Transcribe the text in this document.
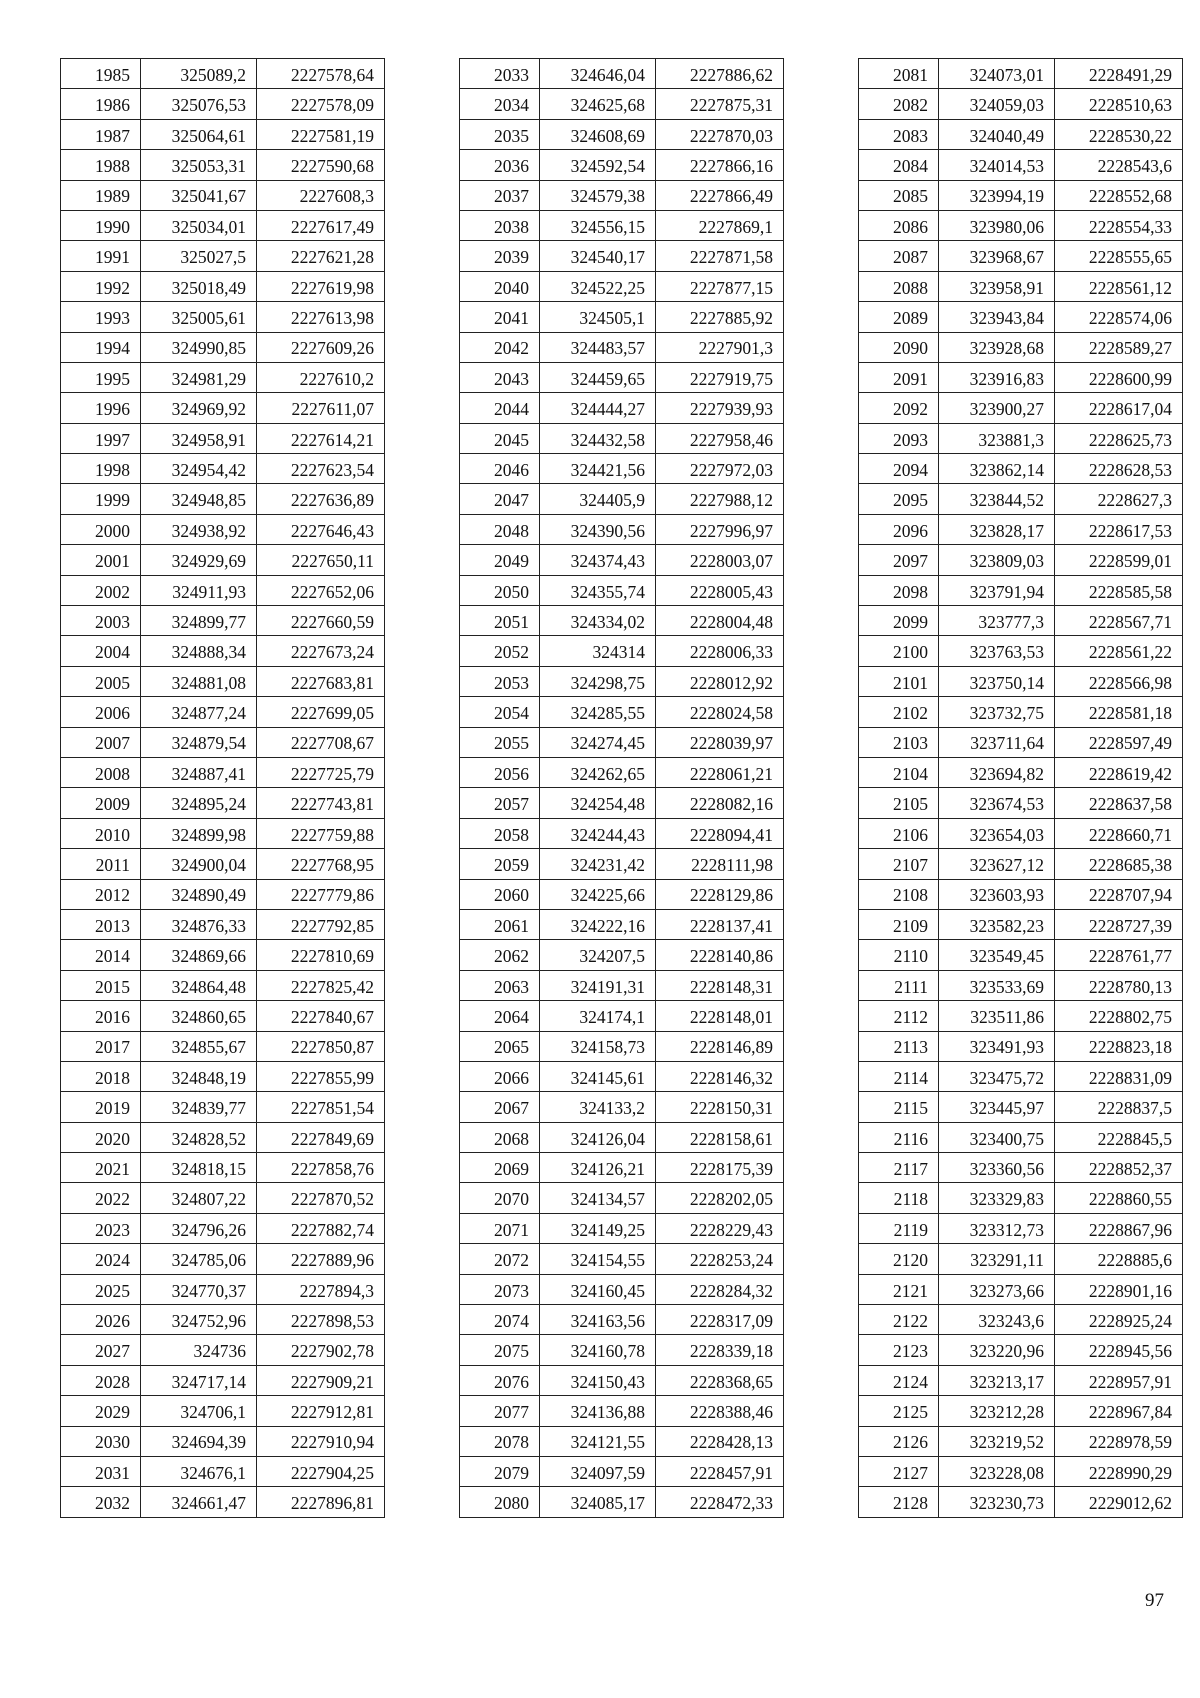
1985	325089,2	2227578,64
1986	325076,53	2227578,09
1987	325064,61	2227581,19
1988	325053,31	2227590,68
1989	325041,67	2227608,3
1990	325034,01	2227617,49
1991	325027,5	2227621,28
1992	325018,49	2227619,98
1993	325005,61	2227613,98
1994	324990,85	2227609,26
1995	324981,29	2227610,2
1996	324969,92	2227611,07
1997	324958,91	2227614,21
1998	324954,42	2227623,54
1999	324948,85	2227636,89
2000	324938,92	2227646,43
2001	324929,69	2227650,11
2002	324911,93	2227652,06
2003	324899,77	2227660,59
2004	324888,34	2227673,24
2005	324881,08	2227683,81
2006	324877,24	2227699,05
2007	324879,54	2227708,67
2008	324887,41	2227725,79
2009	324895,24	2227743,81
2010	324899,98	2227759,88
2011	324900,04	2227768,95
2012	324890,49	2227779,86
2013	324876,33	2227792,85
2014	324869,66	2227810,69
2015	324864,48	2227825,42
2016	324860,65	2227840,67
2017	324855,67	2227850,87
2018	324848,19	2227855,99
2019	324839,77	2227851,54
2020	324828,52	2227849,69
2021	324818,15	2227858,76
2022	324807,22	2227870,52
2023	324796,26	2227882,74
2024	324785,06	2227889,96
2025	324770,37	2227894,3
2026	324752,96	2227898,53
2027	324736	2227902,78
2028	324717,14	2227909,21
2029	324706,1	2227912,81
2030	324694,39	2227910,94
2031	324676,1	2227904,25
2032	324661,47	2227896,81
2033	324646,04	2227886,62
2034	324625,68	2227875,31
2035	324608,69	2227870,03
2036	324592,54	2227866,16
2037	324579,38	2227866,49
2038	324556,15	2227869,1
2039	324540,17	2227871,58
2040	324522,25	2227877,15
2041	324505,1	2227885,92
2042	324483,57	2227901,3
2043	324459,65	2227919,75
2044	324444,27	2227939,93
2045	324432,58	2227958,46
2046	324421,56	2227972,03
2047	324405,9	2227988,12
2048	324390,56	2227996,97
2049	324374,43	2228003,07
2050	324355,74	2228005,43
2051	324334,02	2228004,48
2052	324314	2228006,33
2053	324298,75	2228012,92
2054	324285,55	2228024,58
2055	324274,45	2228039,97
2056	324262,65	2228061,21
2057	324254,48	2228082,16
2058	324244,43	2228094,41
2059	324231,42	2228111,98
2060	324225,66	2228129,86
2061	324222,16	2228137,41
2062	324207,5	2228140,86
2063	324191,31	2228148,31
2064	324174,1	2228148,01
2065	324158,73	2228146,89
2066	324145,61	2228146,32
2067	324133,2	2228150,31
2068	324126,04	2228158,61
2069	324126,21	2228175,39
2070	324134,57	2228202,05
2071	324149,25	2228229,43
2072	324154,55	2228253,24
2073	324160,45	2228284,32
2074	324163,56	2228317,09
2075	324160,78	2228339,18
2076	324150,43	2228368,65
2077	324136,88	2228388,46
2078	324121,55	2228428,13
2079	324097,59	2228457,91
2080	324085,17	2228472,33
2081	324073,01	2228491,29
2082	324059,03	2228510,63
2083	324040,49	2228530,22
2084	324014,53	2228543,6
2085	323994,19	2228552,68
2086	323980,06	2228554,33
2087	323968,67	2228555,65
2088	323958,91	2228561,12
2089	323943,84	2228574,06
2090	323928,68	2228589,27
2091	323916,83	2228600,99
2092	323900,27	2228617,04
2093	323881,3	2228625,73
2094	323862,14	2228628,53
2095	323844,52	2228627,3
2096	323828,17	2228617,53
2097	323809,03	2228599,01
2098	323791,94	2228585,58
2099	323777,3	2228567,71
2100	323763,53	2228561,22
2101	323750,14	2228566,98
2102	323732,75	2228581,18
2103	323711,64	2228597,49
2104	323694,82	2228619,42
2105	323674,53	2228637,58
2106	323654,03	2228660,71
2107	323627,12	2228685,38
2108	323603,93	2228707,94
2109	323582,23	2228727,39
2110	323549,45	2228761,77
2111	323533,69	2228780,13
2112	323511,86	2228802,75
2113	323491,93	2228823,18
2114	323475,72	2228831,09
2115	323445,97	2228837,5
2116	323400,75	2228845,5
2117	323360,56	2228852,37
2118	323329,83	2228860,55
2119	323312,73	2228867,96
2120	323291,11	2228885,6
2121	323273,66	2228901,16
2122	323243,6	2228925,24
2123	323220,96	2228945,56
2124	323213,17	2228957,91
2125	323212,28	2228967,84
2126	323219,52	2228978,59
2127	323228,08	2228990,29
2128	323230,73	2229012,62
97
